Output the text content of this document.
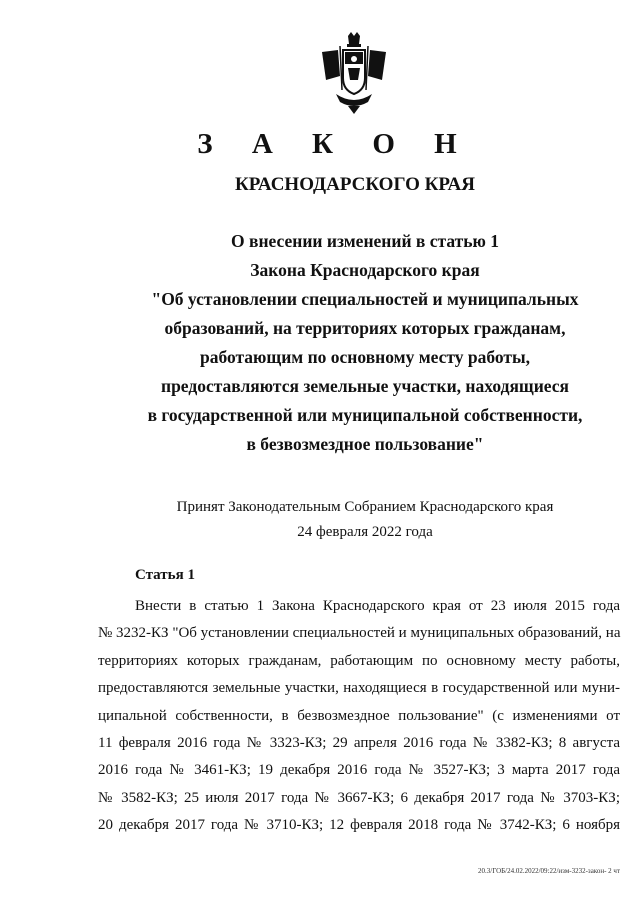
З А К О Н
КРАСНОДАРСКОГО КРАЯ
О внесении изменений в статью 1
Закона Краснодарского края
"Об установлении специальностей и муниципальных
образований, на территориях которых гражданам,
работающим по основному месту работы,
предоставляются земельные участки, находящиеся
в государственной или муниципальной собственности,
в безвозмездное пользование"
Принят Законодательным Собранием Краснодарского края
24 февраля 2022 года
Статья 1
Внести в статью 1 Закона Краснодарского края от 23 июля 2015 года
№ 3232-КЗ "Об установлении специальностей и муниципальных образований, на
территориях которых гражданам, работающим по основному месту работы,
предоставляются земельные участки, находящиеся в государственной или муни-
ципальной собственности, в безвозмездное пользование" (с изменениями от
11 февраля 2016 года № 3323-КЗ; 29 апреля 2016 года № 3382-КЗ; 8 августа
2016 года № 3461-КЗ; 19 декабря 2016 года № 3527-КЗ; 3 марта 2017 года
№ 3582-КЗ; 25 июля 2017 года № 3667-КЗ; 6 декабря 2017 года № 3703-КЗ;
20 декабря 2017 года № 3710-КЗ; 12 февраля 2018 года № 3742-КЗ; 6 ноября
20.3/ГОБ/24.02.2022/09:22/изм-3232-закон- 2 чт
